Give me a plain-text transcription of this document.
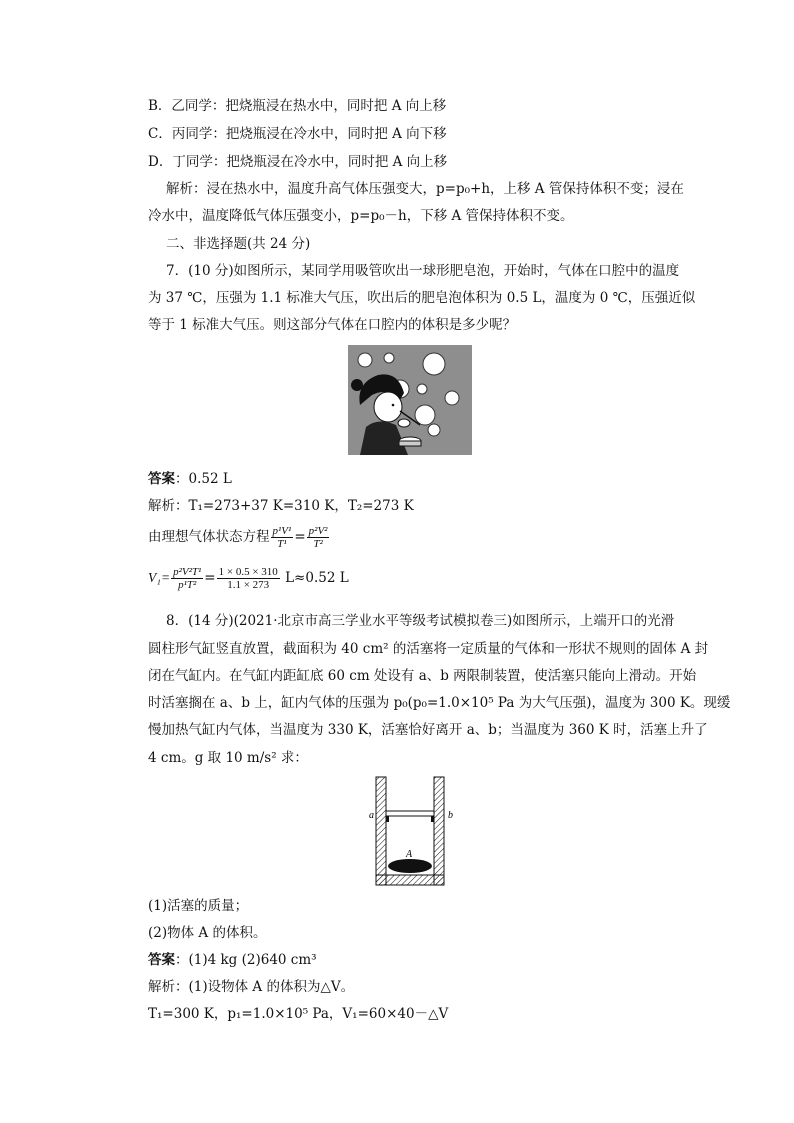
B．乙同学：把烧瓶浸在热水中，同时把 A 向上移
C．丙同学：把烧瓶浸在冷水中，同时把 A 向下移
D．丁同学：把烧瓶浸在冷水中，同时把 A 向上移
解析：浸在热水中，温度升高气体压强变大，p=p₀+h，上移 A 管保持体积不变；浸在
冷水中，温度降低气体压强变小，p=p₀－h，下移 A 管保持体积不变。
二、非选择题(共 24 分)
7．(10 分)如图所示，某同学用吸管吹出一球形肥皂泡，开始时，气体在口腔中的温度
为 37 ℃，压强为 1.1 标准大气压，吹出后的肥皂泡体积为 0.5 L，温度为 0 ℃，压强近似
等于 1 标准大气压。则这部分气体在口腔内的体积是多少呢？
答案：0.52 L
解析：T₁=273+37 K=310 K，T₂=273 K
由理想气体状态方程 $\frac{\text{p¹V¹}}{\text{T¹}} = \frac{\text{p²V²}}{\text{T²}}$
$V_1= \frac{\text{p²V²T¹}}{\text{p¹T²}} = \frac{1 \times 0.5 \times 310}{1.1 \times 273} L\approx 0.52$ L
8．(14 分)(2021·北京市高三学业水平等级考试模拟卷三)如图所示，上端开口的光滑
圆柱形气缸竖直放置，截面积为 40 cm² 的活塞将一定质量的气体和一形状不规则的固体 A 封
闭在气缸内。在气缸内距缸底 60 cm 处设有 a、b 两限制装置，使活塞只能向上滑动。开始
时活塞搁在 a、b 上，缸内气体的压强为 p₀(p₀=1.0×10⁵ Pa 为大气压强)，温度为 300 K。现缓
慢加热气缸内气体，当温度为 330 K，活塞恰好离开 a、b；当温度为 360 K 时，活塞上升了
4 cm。g 取 10 m/s² 求：
a	b
A
(1)活塞的质量；
(2)物体 A 的体积。
答案：(1)4 kg (2)640 cm³
解析：(1)设物体 A 的体积为△V。
T₁=300 K，p₁=1.0×10⁵ Pa，V₁=60×40－△V
